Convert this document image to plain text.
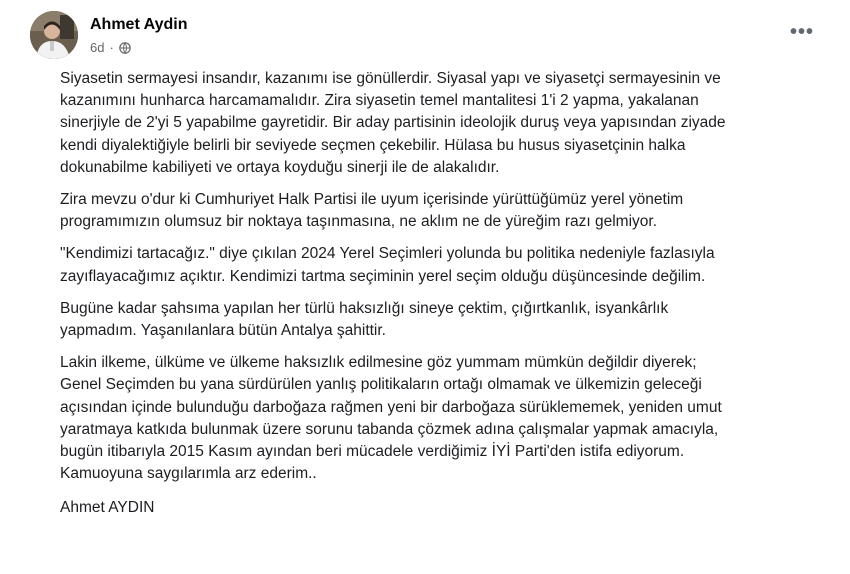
Ahmet Aydin
6d ·
•••
Siyasetin sermayesi insandır, kazanımı ise gönüllerdir. Siyasal yapı ve siyasetçi sermayesinin ve
kazanımını hunharca harcamamalıdır. Zira siyasetin temel mantalitesi 1'i 2 yapma, yakalanan
sinerjiyle de 2'yi 5 yapabilme gayretidir. Bir aday partisinin ideolojik duruş veya yapısından ziyade
kendi diyalektiğiyle belirli bir seviyede seçmen çekebilir. Hülasa bu husus siyasetçinin halka
dokunabilme kabiliyeti ve ortaya koyduğu sinerji ile de alakalıdır.
Zira mevzu o'dur ki Cumhuriyet Halk Partisi ile uyum içerisinde yürüttüğümüz yerel yönetim
programımızın olumsuz bir noktaya taşınmasına, ne aklım ne de yüreğim razı gelmiyor.
"Kendimizi tartacağız." diye çıkılan 2024 Yerel Seçimleri yolunda bu politika nedeniyle fazlasıyla
zayıflayacağımız açıktır. Kendimizi tartma seçiminin yerel seçim olduğu düşüncesinde değilim.
Bugüne kadar şahsıma yapılan her türlü haksızlığı sineye çektim, çığırtkanlık, isyankârlık
yapmadım. Yaşanılanlara bütün Antalya şahittir.
Lakin ilkeme, ülküme ve ülkeme haksızlık edilmesine göz yummam mümkün değildir diyerek;
Genel Seçimden bu yana sürdürülen yanlış politikaların ortağı olmamak ve ülkemizin geleceği
açısından içinde bulunduğu darboğaza rağmen yeni bir darboğaza sürüklememek, yeniden umut
yaratmaya katkıda bulunmak üzere sorunu tabanda çözmek adına çalışmalar yapmak amacıyla,
bugün itibarıyla 2015 Kasım ayından beri mücadele verdiğimiz İYİ Parti'den istifa ediyorum.
Kamuoyuna saygılarımla arz ederim..
Ahmet AYDIN
